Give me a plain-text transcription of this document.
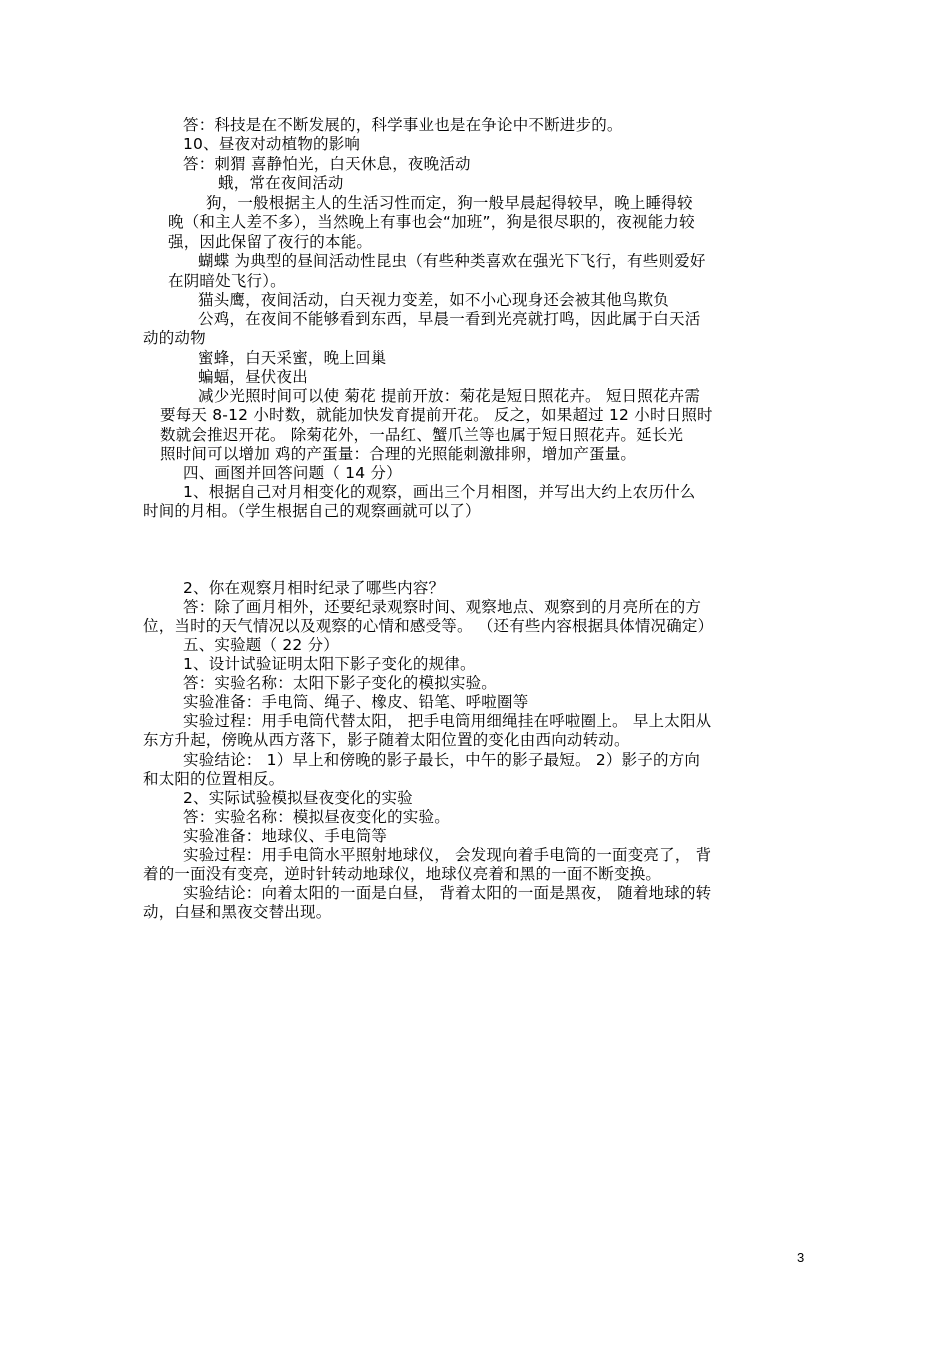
答：科技是在不断发展的，科学事业也是在争论中不断进步的。
10、昼夜对动植物的影响
答：刺猬 喜静怕光，白天休息，夜晚活动
蛾，常在夜间活动
狗，一般根据主人的生活习性而定，狗一般早晨起得较早，晚上睡得较
晚（和主人差不多），当然晚上有事也会“加班”，狗是很尽职的，夜视能力较
强，因此保留了夜行的本能。
蝴蝶 为典型的昼间活动性昆虫（有些种类喜欢在强光下飞行，有些则爱好
在阴暗处飞行）。
猫头鹰，夜间活动，白天视力变差，如不小心现身还会被其他鸟欺负
公鸡，在夜间不能够看到东西，早晨一看到光亮就打鸣，因此属于白天活
动的动物
蜜蜂，白天采蜜，晚上回巢
蝙蝠，昼伏夜出
减少光照时间可以使 菊花 提前开放：菊花是短日照花卉。 短日照花卉需
要每天 8-12 小时数，就能加快发育提前开花。 反之，如果超过 12 小时日照时
数就会推迟开花。 除菊花外，一品红、蟹爪兰等也属于短日照花卉。延长光
照时间可以增加 鸡的产蛋量：合理的光照能刺激排卵，增加产蛋量。
四、画图并回答问题（ 14 分）
1、根据自己对月相变化的观察，画出三个月相图，并写出大约上农历什么
时间的月相。（学生根据自己的观察画就可以了）
2、你在观察月相时纪录了哪些内容？
答：除了画月相外，还要纪录观察时间、观察地点、观察到的月亮所在的方
位，当时的天气情况以及观察的心情和感受等。 （还有些内容根据具体情况确定）
五、实验题（ 22 分）
1、设计试验证明太阳下影子变化的规律。
答：实验名称：太阳下影子变化的模拟实验。
实验准备：手电筒、绳子、橡皮、铅笔、呼啦圈等
实验过程：用手电筒代替太阳， 把手电筒用细绳挂在呼啦圈上。 早上太阳从
东方升起，傍晚从西方落下，影子随着太阳位置的变化由西向动转动。
实验结论： 1）早上和傍晚的影子最长，中午的影子最短。 2）影子的方向
和太阳的位置相反。
2、实际试验模拟昼夜变化的实验
答：实验名称：模拟昼夜变化的实验。
实验准备：地球仪、手电筒等
实验过程：用手电筒水平照射地球仪， 会发现向着手电筒的一面变亮了， 背
着的一面没有变亮，逆时针转动地球仪，地球仪亮着和黑的一面不断变换。
实验结论：向着太阳的一面是白昼， 背着太阳的一面是黑夜， 随着地球的转
动，白昼和黑夜交替出现。
3
